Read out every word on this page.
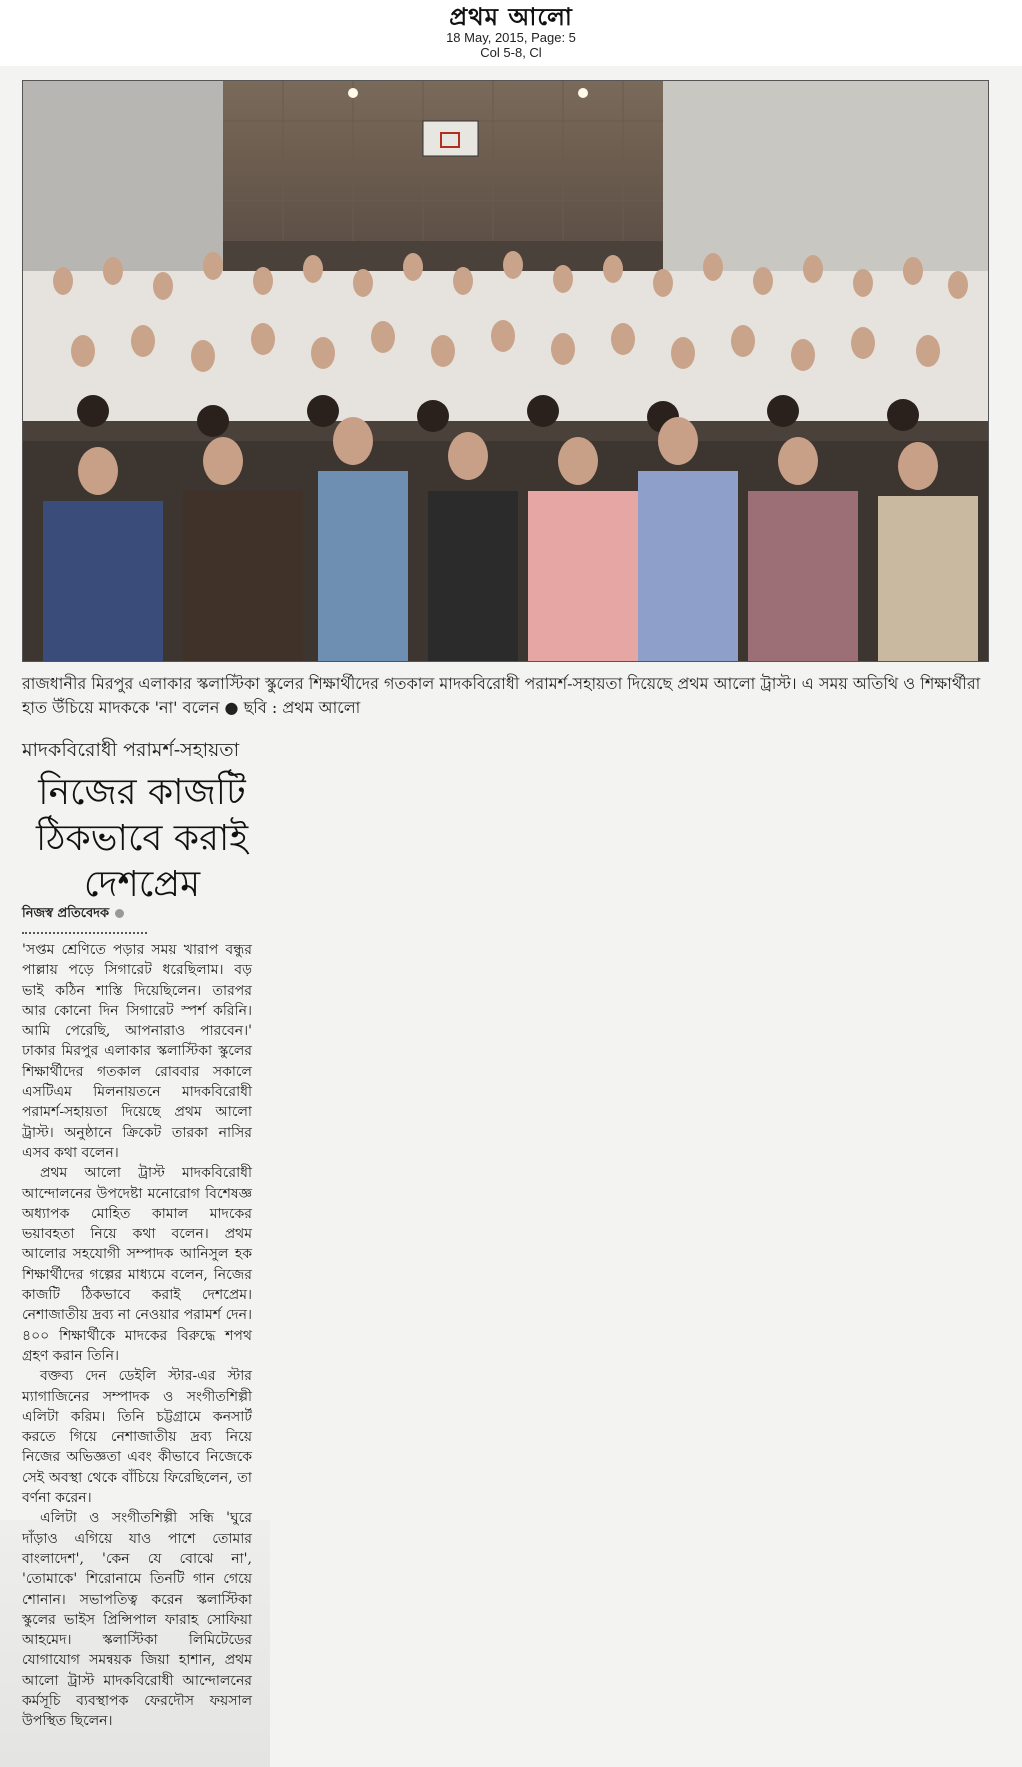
প্রথম আলো
18 May, 2015, Page: 5
Col 5-8, Cl
রাজধানীর মিরপুর এলাকার স্কলাস্টিকা স্কুলের শিক্ষার্থীদের গতকাল মাদকবিরোধী পরামর্শ-সহায়তা দিয়েছে প্রথম আলো ট্রাস্ট। এ সময় অতিথি ও শিক্ষার্থীরা হাত উঁচিয়ে মাদককে 'না' বলেন ● ছবি : প্রথম আলো
মাদকবিরোধী পরামর্শ-সহায়তা
নিজের কাজটি ঠিকভাবে করাই দেশপ্রেম
নিজস্ব প্রতিবেদক

'সপ্তম শ্রেণিতে পড়ার সময় খারাপ বন্ধুর পাল্লায় পড়ে সিগারেট ধরেছিলাম। বড় ভাই কঠিন শাস্তি দিয়েছিলেন। তারপর আর কোনো দিন সিগারেট স্পর্শ করিনি। আমি পেরেছি, আপনারাও পারবেন।' ঢাকার মিরপুর এলাকার স্কলাস্টিকা স্কুলের শিক্ষার্থীদের গতকাল রোববার সকালে এসটিএম মিলনায়তনে মাদকবিরোধী পরামর্শ-সহায়তা দিয়েছে প্রথম আলো ট্রাস্ট। অনুষ্ঠানে ক্রিকেট তারকা নাসির এসব কথা বলেন।

প্রথম আলো ট্রাস্ট মাদকবিরোধী আন্দোলনের উপদেষ্টা মনোরোগ বিশেষজ্ঞ অধ্যাপক মোহিত কামাল মাদকের ভয়াবহতা নিয়ে কথা বলেন। প্রথম আলোর সহযোগী সম্পাদক আনিসুল হক শিক্ষার্থীদের গল্পের মাধ্যমে বলেন, নিজের কাজটি ঠিকভাবে করাই দেশপ্রেম। নেশাজাতীয় দ্রব্য না নেওয়ার পরামর্শ দেন। ৪০০ শিক্ষার্থীকে মাদকের বিরুদ্ধে শপথ গ্রহণ করান তিনি।

বক্তব্য দেন ডেইলি স্টার-এর স্টার ম্যাগাজিনের সম্পাদক ও সংগীতশিল্পী এলিটা করিম। তিনি চট্টগ্রামে কনসার্ট করতে গিয়ে নেশাজাতীয় দ্রব্য নিয়ে নিজের অভিজ্ঞতা এবং কীভাবে নিজেকে সেই অবস্থা থেকে বাঁচিয়ে ফিরেছিলেন, তা বর্ণনা করেন।

এলিটা ও সংগীতশিল্পী সন্ধি 'ঘুরে দাঁড়াও এগিয়ে যাও পাশে তোমার বাংলাদেশ', 'কেন যে বোঝে না', 'তোমাকে' শিরোনামে তিনটি গান গেয়ে শোনান। সভাপতিত্ব করেন স্কলাস্টিকা স্কুলের ভাইস প্রিন্সিপাল ফারাহ সোফিয়া আহমেদ। স্কলাস্টিকা লিমিটেডের যোগাযোগ সমন্বয়ক জিয়া হাশান, প্রথম আলো ট্রাস্ট মাদকবিরোধী আন্দোলনের কর্মসূচি ব্যবস্থাপক ফেরদৌস ফয়সাল উপস্থিত ছিলেন।
